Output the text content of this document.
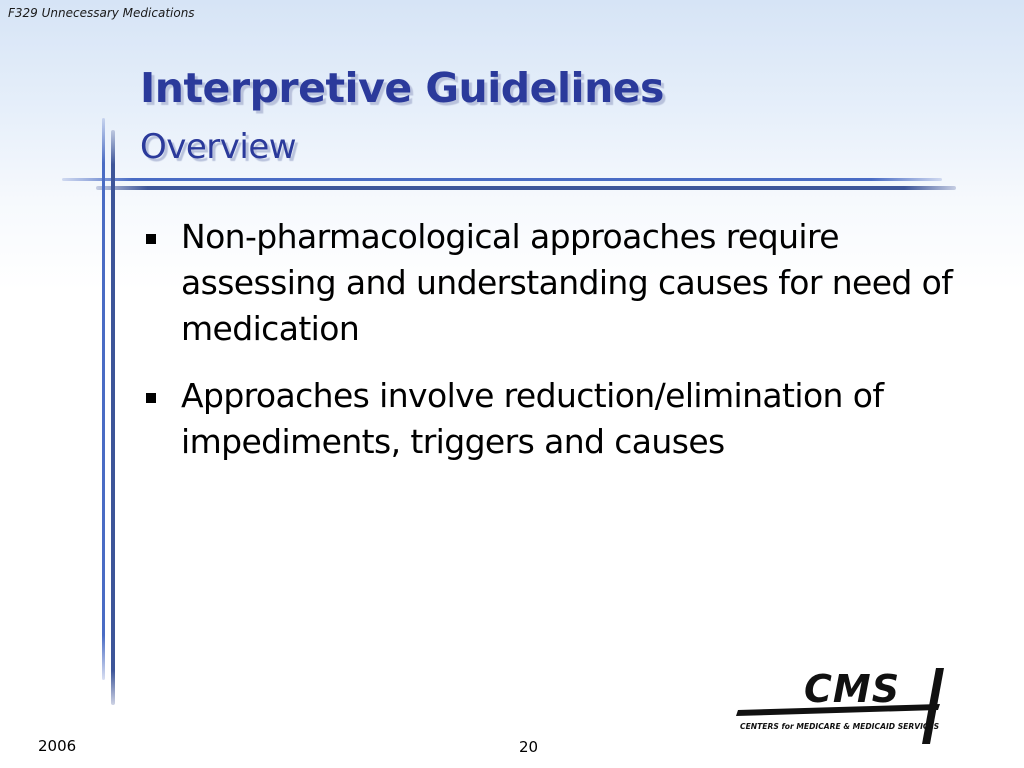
F329 Unnecessary Medications
Interpretive Guidelines
Overview
Non-pharmacological approaches require assessing and understanding causes for need of medication
Approaches involve reduction/elimination of impediments, triggers and causes
2006	20
CMS
CENTERS for MEDICARE & MEDICAID SERVICES
